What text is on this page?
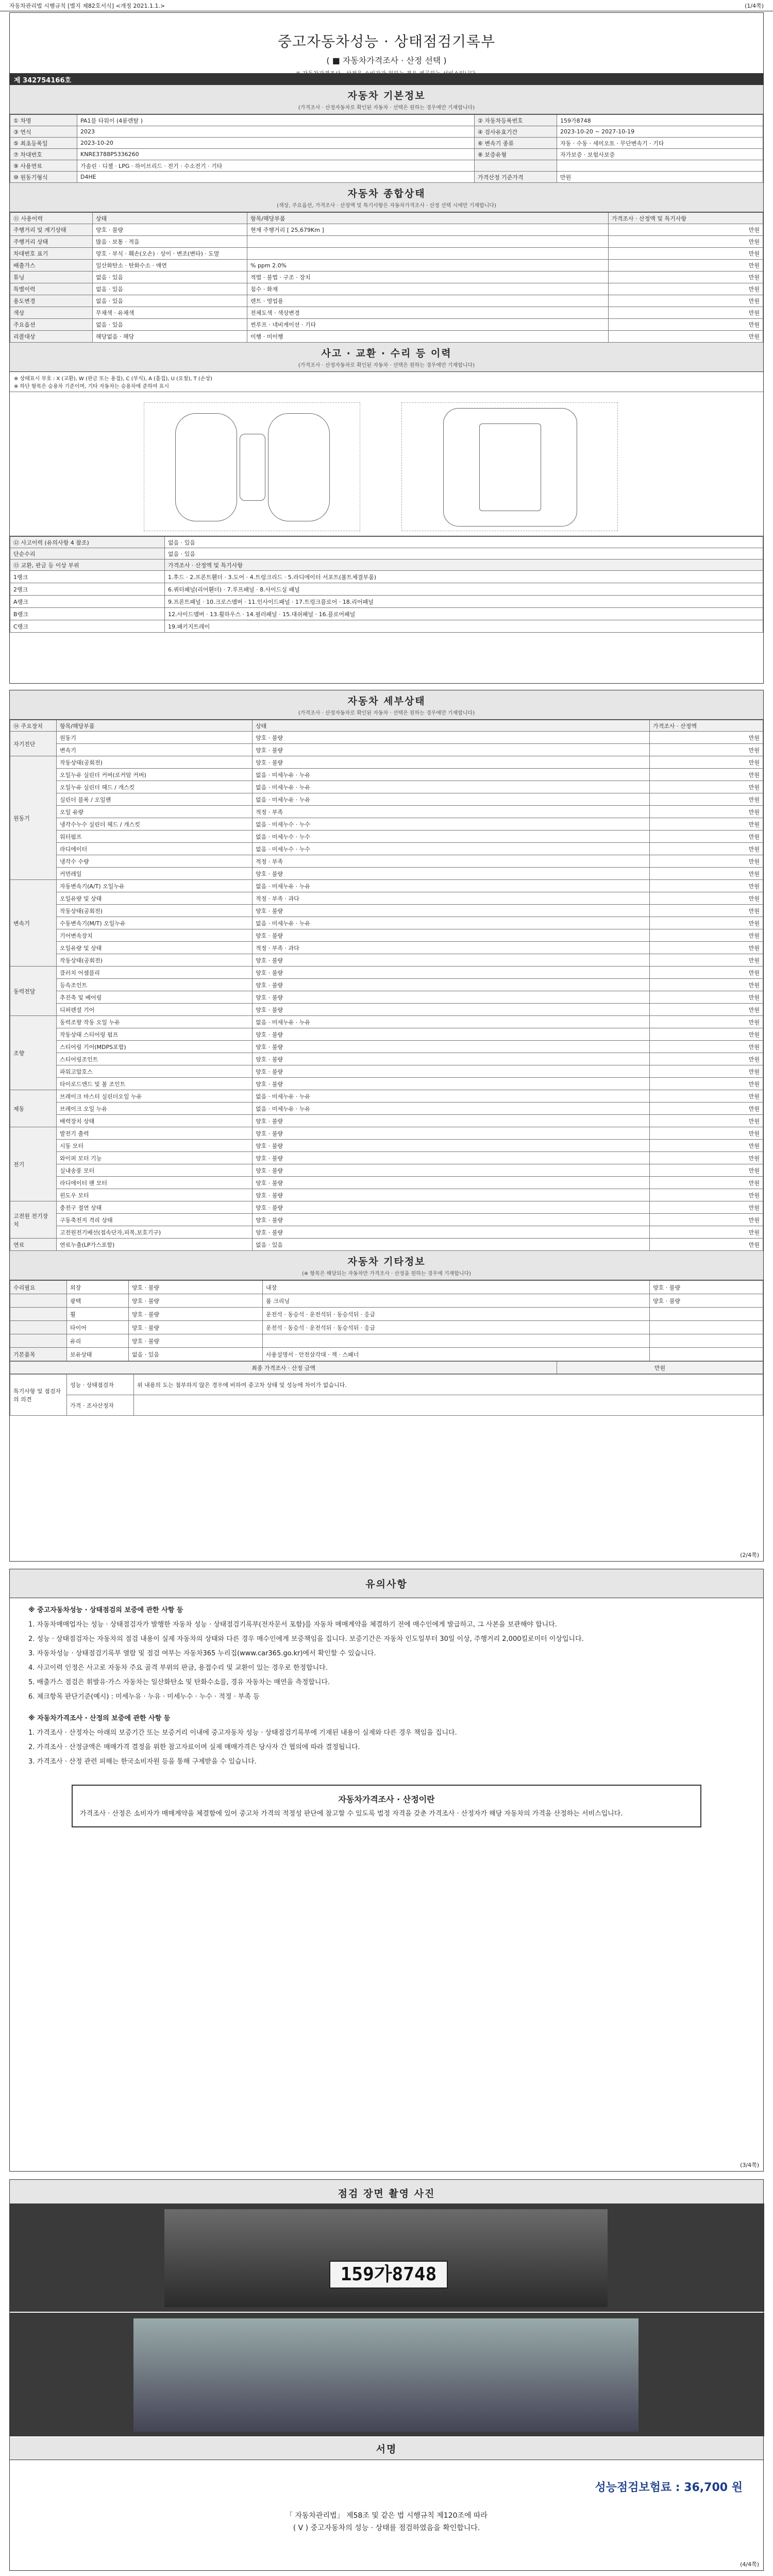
자동차관리법 시행규칙 [별지 제82호서식] <개정 2021.1.1.>	(1/4쪽)
중고자동차성능 · 상태점검기록부
( ■ 자동차가격조사 · 산정 선택 )
제 342754166호
자동차 기본정보
(가격조사 · 산정자동차로 확인된 자동차 · 선택은 원하는 경우에만 기재합니다)
① 차명	PA1블 타워이 (4륜렌탈 )	② 자동차등록번호	159가8748
③ 연식	2023	④ 검사유효기간	2023-10-20 ~ 2027-10-19
⑤ 최초등록일	2023-10-20	⑥ 변속기 종류	자동 · 수동 · 세미오토 · 무단변속기 · 기타
⑦ 차대번호	KNRE3788P5336260	⑧ 보증유형	자가보증 · 보험사보증
⑨ 사용연료	가솔린 · 디젤 · LPG · 하이브리드 · 전기 · 수소전기 · 기타		
⑩ 원동기형식	D4HE	가격산정 기준가격	만원
자동차 종합상태
(색상, 주요옵션, 가격조사 · 산정액 및 특기사항은 자동차가격조사 · 산정 선택 시에만 기재합니다)
⑪ 사용이력	상태	항목/해당부품	가격조사 · 산정액 및 특기사항
주행거리 및 계기상태	양호 · 불량	현재 주행거리 [ 25,679Km ]	만원
주행거리 상태	많음 · 보통 · 적음		만원
차대번호 표기	양호 · 부식 · 훼손(오손) · 상이 · 변조(변타) · 도말		만원
배출가스	일산화탄소 · 탄화수소 · 매연	% ppm 2.0%	만원
튜닝	없음 · 있음	적법 · 불법 · 구조 · 장치	만원
특별이력	없음 · 있음	침수 · 화재	만원
용도변경	없음 · 있음	렌트 · 영업용	만원
색상	무채색 · 유채색	전체도색 · 색상변경	만원
주요옵션	없음 · 있음	썬루프 · 네비게이션 · 기타	만원
리콜대상	해당없음 · 해당	이행 · 미이행	만원
사고 · 교환 · 수리 등 이력
(가격조사 · 산정자동차로 확인된 자동차 · 선택은 원하는 경우에만 기재합니다)
※ 상태표시 부호 : X (교환), W (판금 또는 용접), C (부식), A (흠집), U (요철), T (손상)
※ 하단 항목은 승용차 기준이며, 기타 자동차는 승용차에 준하여 표시
⑫ 사고이력 (유의사항 4 참조)	없음 · 있음
단순수리	없음 · 있음
⑬ 교환, 판금 등 이상 부위	가격조사 · 산정액 및 특기사항
1랭크	1.후드 · 2.프론트휀더 · 3.도어 · 4.트렁크리드 · 5.라디에이터 서포트(볼트체결부품)
2랭크	6.쿼터패널(리어휀더) · 7.루프패널 · 8.사이드실 패널
A랭크	9.프론트패널 · 10.크로스멤버 · 11.인사이드패널 · 17.트렁크플로어 · 18.리어패널
B랭크	12.사이드멤버 · 13.휠하우스 · 14.필러패널 · 15.대쉬패널 · 16.플로어패널
C랭크	19.패키지트레이
자동차 세부상태
(가격조사 · 산정자동차로 확인된 자동차 · 선택은 원하는 경우에만 기재합니다)
⑭ 주요장치	항목/해당부품	상태	가격조사 · 산정액
자기진단	원동기	양호 · 불량	만원
	변속기	양호 · 불량	만원
원동기	작동상태(공회전)	양호 · 불량	만원
	오일누유 실린더 커버(로커암 커버)	없음 · 미세누유 · 누유	만원
	오일누유 실린더 헤드 / 개스킷	없음 · 미세누유 · 누유	만원
	실린더 블록 / 오일팬	없음 · 미세누유 · 누유	만원
	오일 유량	적정 · 부족	만원
	냉각수누수 실린더 헤드 / 개스킷	없음 · 미세누수 · 누수	만원
	워터펌프	없음 · 미세누수 · 누수	만원
	라디에이터	없음 · 미세누수 · 누수	만원
	냉각수 수량	적정 · 부족	만원
	커먼레일	양호 · 불량	만원
변속기	자동변속기(A/T) 오일누유	없음 · 미세누유 · 누유	만원
	오일유량 및 상태	적정 · 부족 · 과다	만원
	작동상태(공회전)	양호 · 불량	만원
	수동변속기(M/T) 오일누유	없음 · 미세누유 · 누유	만원
	기어변속장치	양호 · 불량	만원
	오일유량 및 상태	적정 · 부족 · 과다	만원
	작동상태(공회전)	양호 · 불량	만원
동력전달	클러치 어셈블리	양호 · 불량	만원
	등속조인트	양호 · 불량	만원
	추진축 및 베어링	양호 · 불량	만원
	디퍼렌셜 기어	양호 · 불량	만원
조향	동력조향 작동 오일 누유	없음 · 미세누유 · 누유	만원
	작동상태 스티어링 펌프	양호 · 불량	만원
	스티어링 기어(MDPS포함)	양호 · 불량	만원
	스티어링조인트	양호 · 불량	만원
	파워고압호스	양호 · 불량	만원
	타이로드엔드 및 볼 조인트	양호 · 불량	만원
제동	브레이크 마스터 실린더오일 누유	없음 · 미세누유 · 누유	만원
	브레이크 오일 누유	없음 · 미세누유 · 누유	만원
	배력장치 상태	양호 · 불량	만원
전기	발전기 출력	양호 · 불량	만원
	시동 모터	양호 · 불량	만원
	와이퍼 모터 기능	양호 · 불량	만원
	실내송풍 모터	양호 · 불량	만원
	라디에이터 팬 모터	양호 · 불량	만원
	윈도우 모터	양호 · 불량	만원
고전원 전기장치	충전구 절연 상태	양호 · 불량	만원
	구동축전지 격리 상태	양호 · 불량	만원
	고전원전기배선(접속단자,피복,보호기구)	양호 · 불량	만원
연료	연료누출(LP가스포함)	없음 · 있음	만원
자동차 기타정보
(※ 항목은 해당되는 자동차만 가격조사 · 산정을 원하는 경우에 기재합니다)
수리필요	외장	양호 · 불량	내장	양호 · 불량
	광택	양호 · 불량	룸 크리닝	양호 · 불량
	휠	양호 · 불량	운전석 · 동승석 · 운전석뒤 · 동승석뒤 · 응급	
	타이어	양호 · 불량	운전석 · 동승석 · 운전석뒤 · 동승석뒤 · 응급	
	유리	양호 · 불량		
기본품목	보유상태	없음 · 있음	사용설명서 · 안전삼각대 · 잭 · 스패너	
최종 가격조사 · 산정 금액	만원
특기사항 및 점검자의 의견	성능 · 상태점검자	위 내용의 도는 첨부하지 않은 경우에 비하여 중고차 상태 및 성능에 차이가 없습니다.
	가격 · 조사산정자	
(2/4쪽)
유의사항

※ 중고자동차성능 · 상태점검의 보증에 관한 사항 등

1. 자동차매매업자는 성능 · 상태점검자가 발행한 자동차 성능 · 상태점검기록부(전자문서 포함)를 자동차 매매계약을 체결하기 전에 매수인에게 발급하고, 그 사본을 보관해야 합니다.

2. 성능 · 상태점검자는 자동차의 점검 내용이 실제 자동차의 상태와 다른 경우 매수인에게 보증책임을 집니다. 보증기간은 자동차 인도일부터 30일 이상, 주행거리 2,000킬로미터 이상입니다.

3. 자동차성능 · 상태점검기록부 열람 및 점검 여부는 자동차365 누리집(www.car365.go.kr)에서 확인할 수 있습니다.

4. 사고이력 인정은 사고로 자동차 주요 골격 부위의 판금, 용접수리 및 교환이 있는 경우로 한정합니다.

5. 배출가스 점검은 휘발유·가스 자동차는 일산화탄소 및 탄화수소를, 경유 자동차는 매연을 측정합니다.

6. 체크항목 판단기준(예시) : 미세누유 · 누유 · 미세누수 · 누수 · 적정 · 부족 등

※ 자동차가격조사 · 산정의 보증에 관한 사항 등

1. 가격조사 · 산정자는 아래의 보증기간 또는 보증거리 이내에 중고자동차 성능 · 상태점검기록부에 기재된 내용이 실제와 다른 경우 책임을 집니다.

2. 가격조사 · 산정금액은 매매가격 결정을 위한 참고자료이며 실제 매매가격은 당사자 간 협의에 따라 결정됩니다.

3. 가격조사 · 산정 관련 피해는 한국소비자원 등을 통해 구제받을 수 있습니다.

자동차가격조사 · 산정이란
가격조사 · 산정은 소비자가 매매계약을 체결함에 있어 중고차 가격의 적정성 판단에 참고할 수 있도록 법정 자격을 갖춘 가격조사 · 산정자가 해당 자동차의 가격을 산정하는 서비스입니다.
(3/4쪽)
점검 장면 촬영 사진
159가8748
서명
성능점검보험료 : 36,700 원
「 자동차관리법」 제58조 및 같은 법 시행규칙 제120조에 따라
( V ) 중고자동차의 성능 · 상태를 점검하였음을 확인합니다.
(4/4쪽)
